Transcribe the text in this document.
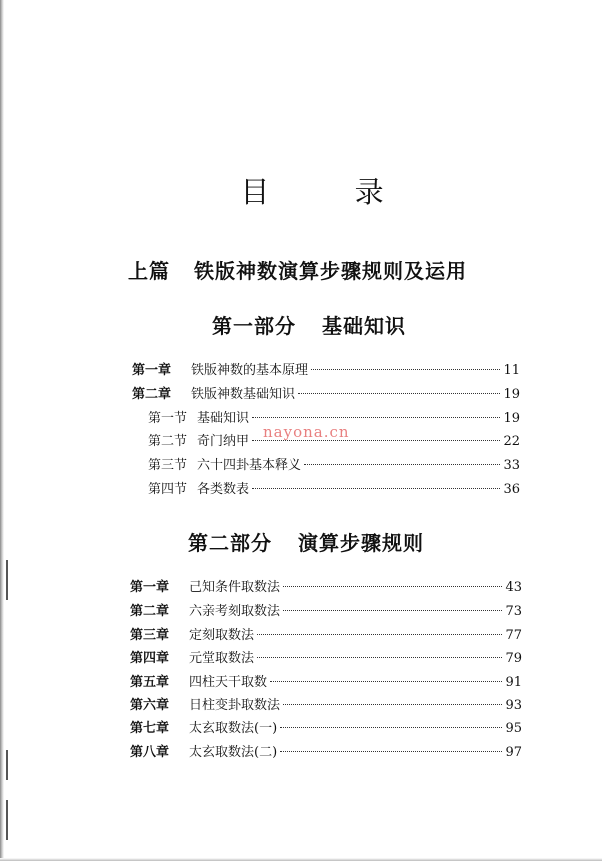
目 录
上篇 铁版神数演算步骤规则及运用
第一部分 基础知识
第一章 铁版神数的基本原理	11
第二章 铁版神数基础知识	19
第一节 基础知识	19
第二节 奇门纳甲	22
第三节 六十四卦基本释义	33
第四节 各类数表	36
nayona.cn
第二部分 演算步骤规则
第一章 己知条件取数法	43
第二章 六亲考刻取数法	73
第三章 定刻取数法	77
第四章 元堂取数法	79
第五章 四柱天干取数	91
第六章 日柱变卦取数法	93
第七章 太玄取数法(一)	95
第八章 太玄取数法(二)	97
